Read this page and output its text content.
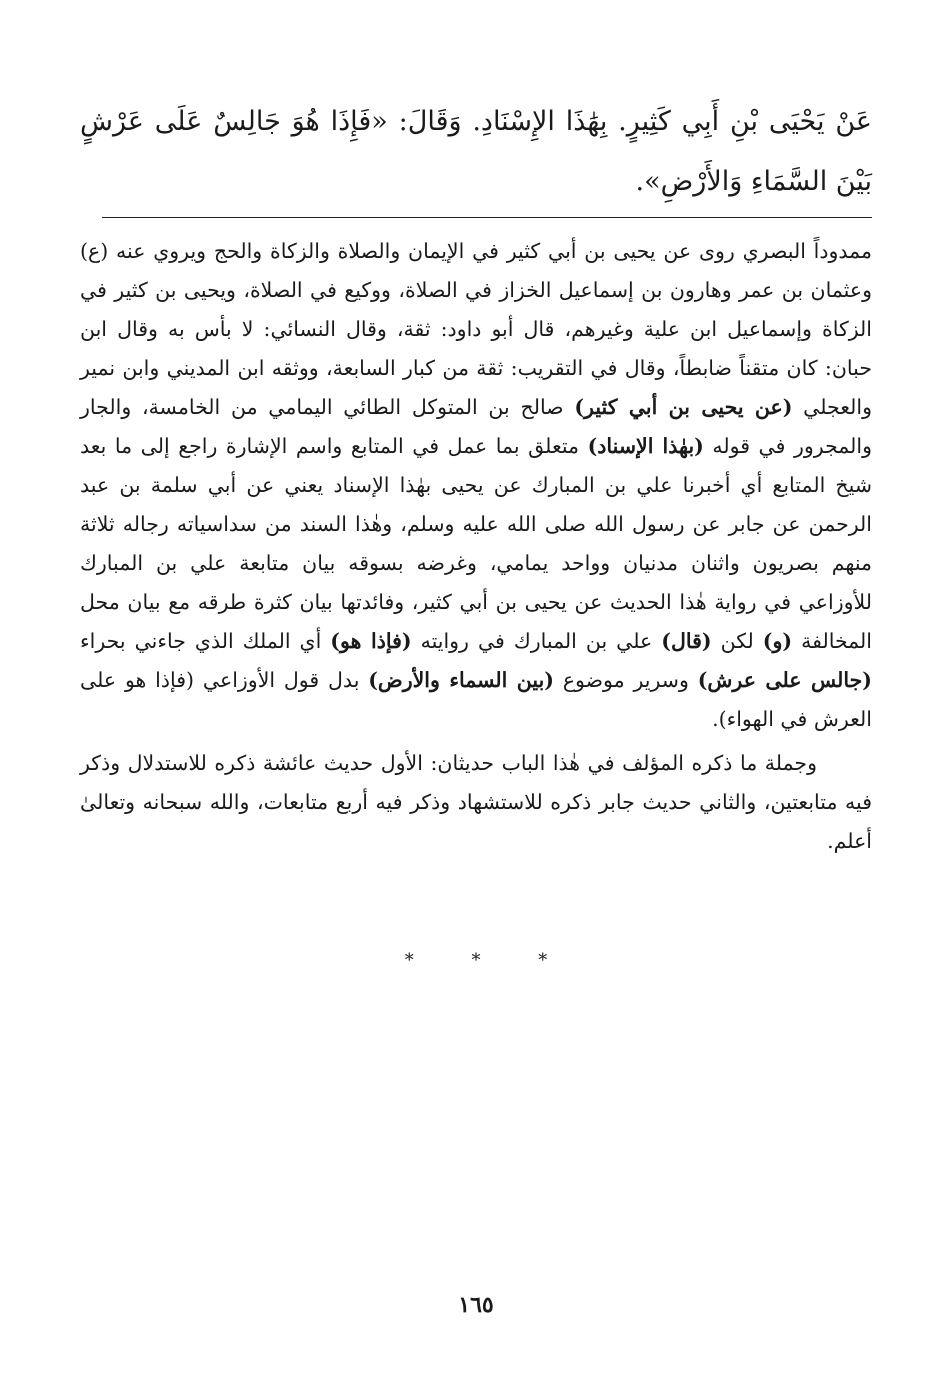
عَنْ يَحْيَى بْنِ أَبِي كَثِيرٍ. بِهَٰذَا الإِسْنَادِ. وَقَالَ: «فَإِذَا هُوَ جَالِسٌ عَلَى عَرْشٍ بَيْنَ السَّمَاءِ وَالأَرْضِ».

ممدوداً البصري روى عن يحيى بن أبي كثير في الإيمان والصلاة والزكاة والحج ويروي عنه (ع) وعثمان بن عمر وهارون بن إسماعيل الخزاز في الصلاة، ووكيع في الصلاة، ويحيى بن كثير في الزكاة وإسماعيل ابن علية وغيرهم، قال أبو داود: ثقة، وقال النسائي: لا بأس به وقال ابن حبان: كان متقناً ضابطاً، وقال في التقريب: ثقة من كبار السابعة، ووثقه ابن المديني وابن نمير والعجلي (عن يحيى بن أبي كثير) صالح بن المتوكل الطائي اليمامي من الخامسة، والجار والمجرور في قوله (بهٰذا الإسناد) متعلق بما عمل في المتابع واسم الإشارة راجع إلى ما بعد شيخ المتابع أي أخبرنا علي بن المبارك عن يحيى بهٰذا الإسناد يعني عن أبي سلمة بن عبد الرحمن عن جابر عن رسول الله صلى الله عليه وسلم، وهٰذا السند من سداسياته رجاله ثلاثة منهم بصريون واثنان مدنيان وواحد يمامي، وغرضه بسوقه بيان متابعة علي بن المبارك للأوزاعي في رواية هٰذا الحديث عن يحيى بن أبي كثير، وفائدتها بيان كثرة طرقه مع بيان محل المخالفة (و) لكن (قال) علي بن المبارك في روايته (فإذا هو) أي الملك الذي جاءني بحراء (جالس على عرش) وسرير موضوع (بين السماء والأرض) بدل قول الأوزاعي (فإذا هو على العرش في الهواء).

وجملة ما ذكره المؤلف في هٰذا الباب حديثان: الأول حديث عائشة ذكره للاستدلال وذكر فيه متابعتين، والثاني حديث جابر ذكره للاستشهاد وذكر فيه أربع متابعات، والله سبحانه وتعالىٰ أعلم.

* * *
١٦٥
